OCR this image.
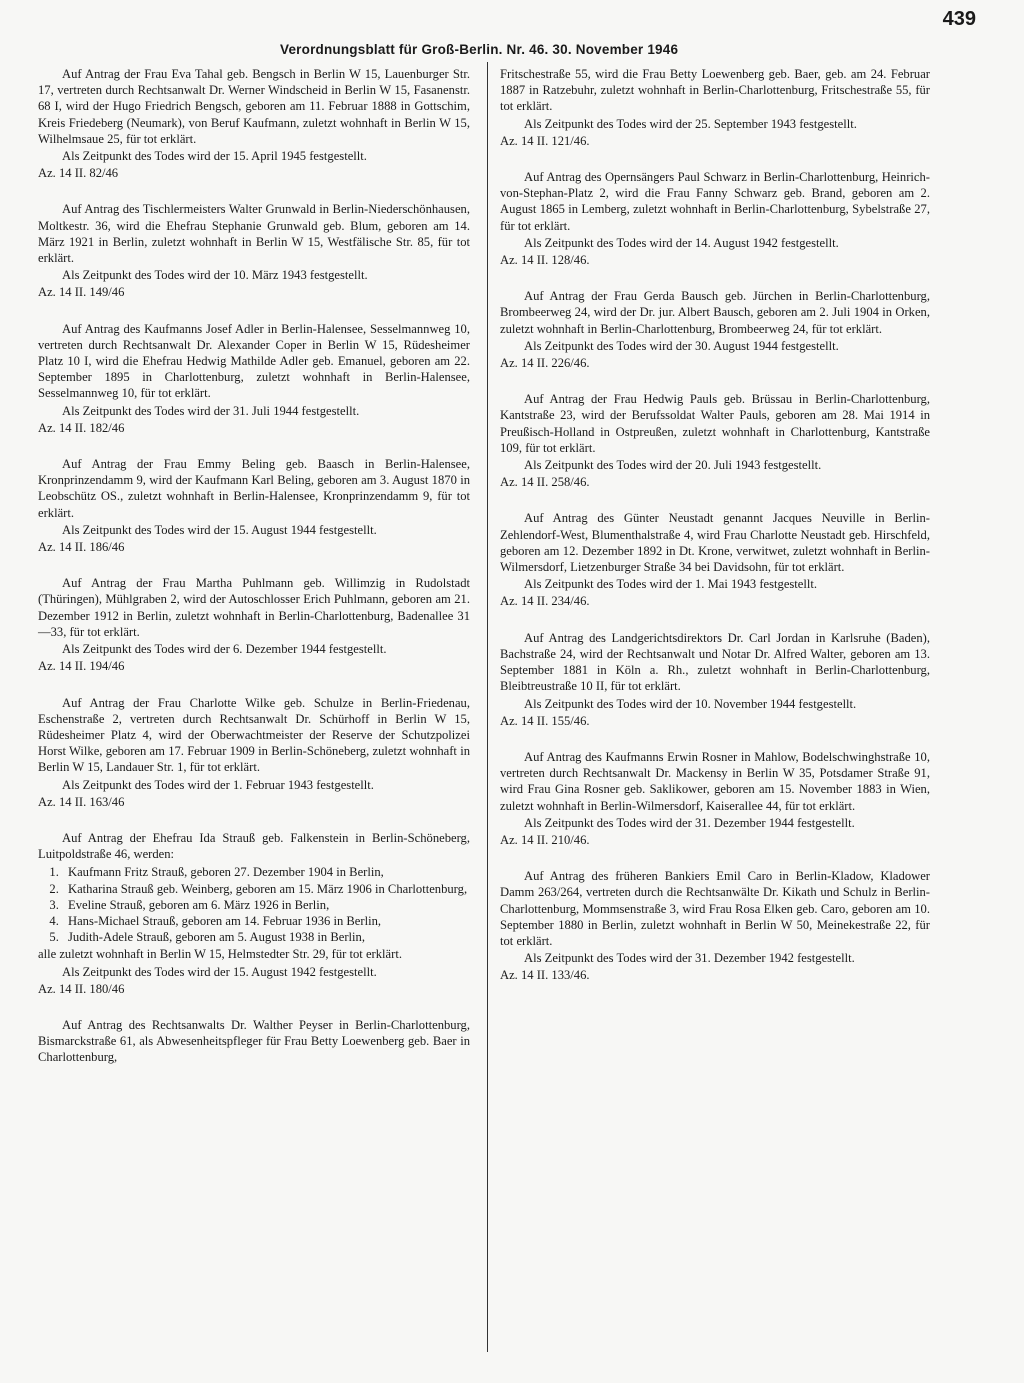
Verordnungsblatt für Groß-Berlin. Nr. 46. 30. November 1946
439

Auf Antrag der Frau Eva Tahal geb. Bengsch in Berlin W 15, Lauenburger Str. 17, vertreten durch Rechtsanwalt Dr. Werner Windscheid in Berlin W 15, Fasanenstr. 68 I, wird der Hugo Friedrich Bengsch, geboren am 11. Februar 1888 in Gottschim, Kreis Friedeberg (Neumark), von Beruf Kaufmann, zuletzt wohnhaft in Berlin W 15, Wilhelmsaue 25, für tot erklärt.

Als Zeitpunkt des Todes wird der 15. April 1945 festgestellt.

Az. 14 II. 82/46

Auf Antrag des Tischlermeisters Walter Grunwald in Berlin-Niederschönhausen, Moltkestr. 36, wird die Ehefrau Stephanie Grunwald geb. Blum, geboren am 14. März 1921 in Berlin, zuletzt wohnhaft in Berlin W 15, Westfälische Str. 85, für tot erklärt.

Als Zeitpunkt des Todes wird der 10. März 1943 festgestellt.

Az. 14 II. 149/46

Auf Antrag des Kaufmanns Josef Adler in Berlin-Halensee, Sesselmannweg 10, vertreten durch Rechtsanwalt Dr. Alexander Coper in Berlin W 15, Rüdesheimer Platz 10 I, wird die Ehefrau Hedwig Mathilde Adler geb. Emanuel, geboren am 22. September 1895 in Charlottenburg, zuletzt wohnhaft in Berlin-Halensee, Sesselmannweg 10, für tot erklärt.

Als Zeitpunkt des Todes wird der 31. Juli 1944 festgestellt.

Az. 14 II. 182/46

Auf Antrag der Frau Emmy Beling geb. Baasch in Berlin-Halensee, Kronprinzendamm 9, wird der Kaufmann Karl Beling, geboren am 3. August 1870 in Leobschütz OS., zuletzt wohnhaft in Berlin-Halensee, Kronprinzendamm 9, für tot erklärt.

Als Zeitpunkt des Todes wird der 15. August 1944 festgestellt.

Az. 14 II. 186/46

Auf Antrag der Frau Martha Puhlmann geb. Willimzig in Rudolstadt (Thüringen), Mühlgraben 2, wird der Autoschlosser Erich Puhlmann, geboren am 21. Dezember 1912 in Berlin, zuletzt wohnhaft in Berlin-Charlottenburg, Badenallee 31—33, für tot erklärt.

Als Zeitpunkt des Todes wird der 6. Dezember 1944 festgestellt.

Az. 14 II. 194/46

Auf Antrag der Frau Charlotte Wilke geb. Schulze in Berlin-Friedenau, Eschenstraße 2, vertreten durch Rechtsanwalt Dr. Schürhoff in Berlin W 15, Rüdesheimer Platz 4, wird der Oberwachtmeister der Reserve der Schutzpolizei Horst Wilke, geboren am 17. Februar 1909 in Berlin-Schöneberg, zuletzt wohnhaft in Berlin W 15, Landauer Str. 1, für tot erklärt.

Als Zeitpunkt des Todes wird der 1. Februar 1943 festgestellt.

Az. 14 II. 163/46

Auf Antrag der Ehefrau Ida Strauß geb. Falkenstein in Berlin-Schöneberg, Luitpoldstraße 46, werden:

1. Kaufmann Fritz Strauß, geboren 27. Dezember 1904 in Berlin,
2. Katharina Strauß geb. Weinberg, geboren am 15. März 1906 in Charlottenburg,
3. Eveline Strauß, geboren am 6. März 1926 in Berlin,
4. Hans-Michael Strauß, geboren am 14. Februar 1936 in Berlin,
5. Judith-Adele Strauß, geboren am 5. August 1938 in Berlin,

alle zuletzt wohnhaft in Berlin W 15, Helmstedter Str. 29, für tot erklärt.

Als Zeitpunkt des Todes wird der 15. August 1942 festgestellt.

Az. 14 II. 180/46

Auf Antrag des Rechtsanwalts Dr. Walther Peyser in Berlin-Charlottenburg, Bismarckstraße 61, als Abwesenheitspfleger für Frau Betty Loewenberg geb. Baer in Charlottenburg,

Fritschestraße 55, wird die Frau Betty Loewenberg geb. Baer, geb. am 24. Februar 1887 in Ratzebuhr, zuletzt wohnhaft in Berlin-Charlottenburg, Fritschestraße 55, für tot erklärt.

Als Zeitpunkt des Todes wird der 25. September 1943 festgestellt.

Az. 14 II. 121/46.

Auf Antrag des Opernsängers Paul Schwarz in Berlin-Charlottenburg, Heinrich-von-Stephan-Platz 2, wird die Frau Fanny Schwarz geb. Brand, geboren am 2. August 1865 in Lemberg, zuletzt wohnhaft in Berlin-Charlottenburg, Sybelstraße 27, für tot erklärt.

Als Zeitpunkt des Todes wird der 14. August 1942 festgestellt.

Az. 14 II. 128/46.

Auf Antrag der Frau Gerda Bausch geb. Jürchen in Berlin-Charlottenburg, Brombeerweg 24, wird der Dr. jur. Albert Bausch, geboren am 2. Juli 1904 in Orken, zuletzt wohnhaft in Berlin-Charlottenburg, Brombeerweg 24, für tot erklärt.

Als Zeitpunkt des Todes wird der 30. August 1944 festgestellt.

Az. 14 II. 226/46.

Auf Antrag der Frau Hedwig Pauls geb. Brüssau in Berlin-Charlottenburg, Kantstraße 23, wird der Berufssoldat Walter Pauls, geboren am 28. Mai 1914 in Preußisch-Holland in Ostpreußen, zuletzt wohnhaft in Charlottenburg, Kantstraße 109, für tot erklärt.

Als Zeitpunkt des Todes wird der 20. Juli 1943 festgestellt.

Az. 14 II. 258/46.

Auf Antrag des Günter Neustadt genannt Jacques Neuville in Berlin-Zehlendorf-West, Blumenthalstraße 4, wird Frau Charlotte Neustadt geb. Hirschfeld, geboren am 12. Dezember 1892 in Dt. Krone, verwitwet, zuletzt wohnhaft in Berlin-Wilmersdorf, Lietzenburger Straße 34 bei Davidsohn, für tot erklärt.

Als Zeitpunkt des Todes wird der 1. Mai 1943 festgestellt.

Az. 14 II. 234/46.

Auf Antrag des Landgerichtsdirektors Dr. Carl Jordan in Karlsruhe (Baden), Bachstraße 24, wird der Rechtsanwalt und Notar Dr. Alfred Walter, geboren am 13. September 1881 in Köln a. Rh., zuletzt wohnhaft in Berlin-Charlottenburg, Bleibtreustraße 10 II, für tot erklärt.

Als Zeitpunkt des Todes wird der 10. November 1944 festgestellt.

Az. 14 II. 155/46.

Auf Antrag des Kaufmanns Erwin Rosner in Mahlow, Bodelschwinghstraße 10, vertreten durch Rechtsanwalt Dr. Mackensy in Berlin W 35, Potsdamer Straße 91, wird Frau Gina Rosner geb. Saklikower, geboren am 15. November 1883 in Wien, zuletzt wohnhaft in Berlin-Wilmersdorf, Kaiserallee 44, für tot erklärt.

Als Zeitpunkt des Todes wird der 31. Dezember 1944 festgestellt.

Az. 14 II. 210/46.

Auf Antrag des früheren Bankiers Emil Caro in Berlin-Kladow, Kladower Damm 263/264, vertreten durch die Rechtsanwälte Dr. Kikath und Schulz in Berlin-Charlottenburg, Mommsenstraße 3, wird Frau Rosa Elken geb. Caro, geboren am 10. September 1880 in Berlin, zuletzt wohnhaft in Berlin W 50, Meinekestraße 22, für tot erklärt.

Als Zeitpunkt des Todes wird der 31. Dezember 1942 festgestellt.

Az. 14 II. 133/46.
